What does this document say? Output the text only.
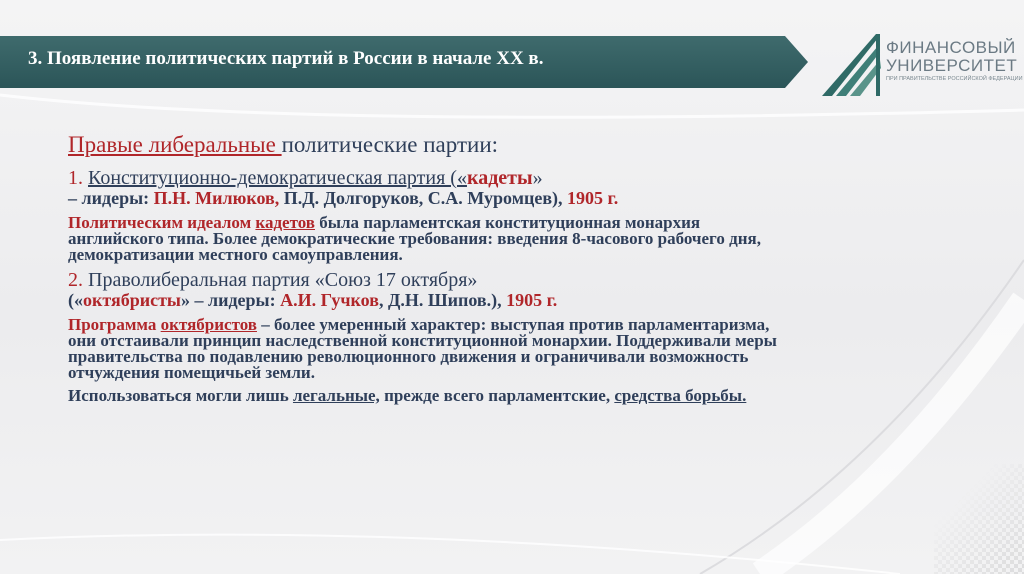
3. Появление политических партий в России в начале XX в.
ФИНАНСОВЫЙ
УНИВЕРСИТЕТ
ПРИ ПРАВИТЕЛЬСТВЕ РОССИЙСКОЙ ФЕДЕРАЦИИ
Правые либеральные политические партии:

1. Конституционно-демократическая партия («кадеты»

– лидеры: П.Н. Милюков, П.Д. Долгоруков, С.А. Муромцев), 1905 г.

Политическим идеалом кадетов была парламентская конституционная монархия английского типа. Более демократические требования: введения 8-часового рабочего дня, демократизации местного самоуправления.

2. Праволиберальная партия «Союз 17 октября»

(«октябристы» – лидеры: А.И. Гучков, Д.Н. Шипов.), 1905 г.

Программа октябристов – более умеренный характер: выступая против парламентаризма, они отстаивали принцип наследственной конституционной монархии. Поддерживали меры правительства по подавлению революционного движения и ограничивали возможность отчуждения помещичьей земли.
Использоваться могли лишь легальные, прежде всего парламентские, средства борьбы.
